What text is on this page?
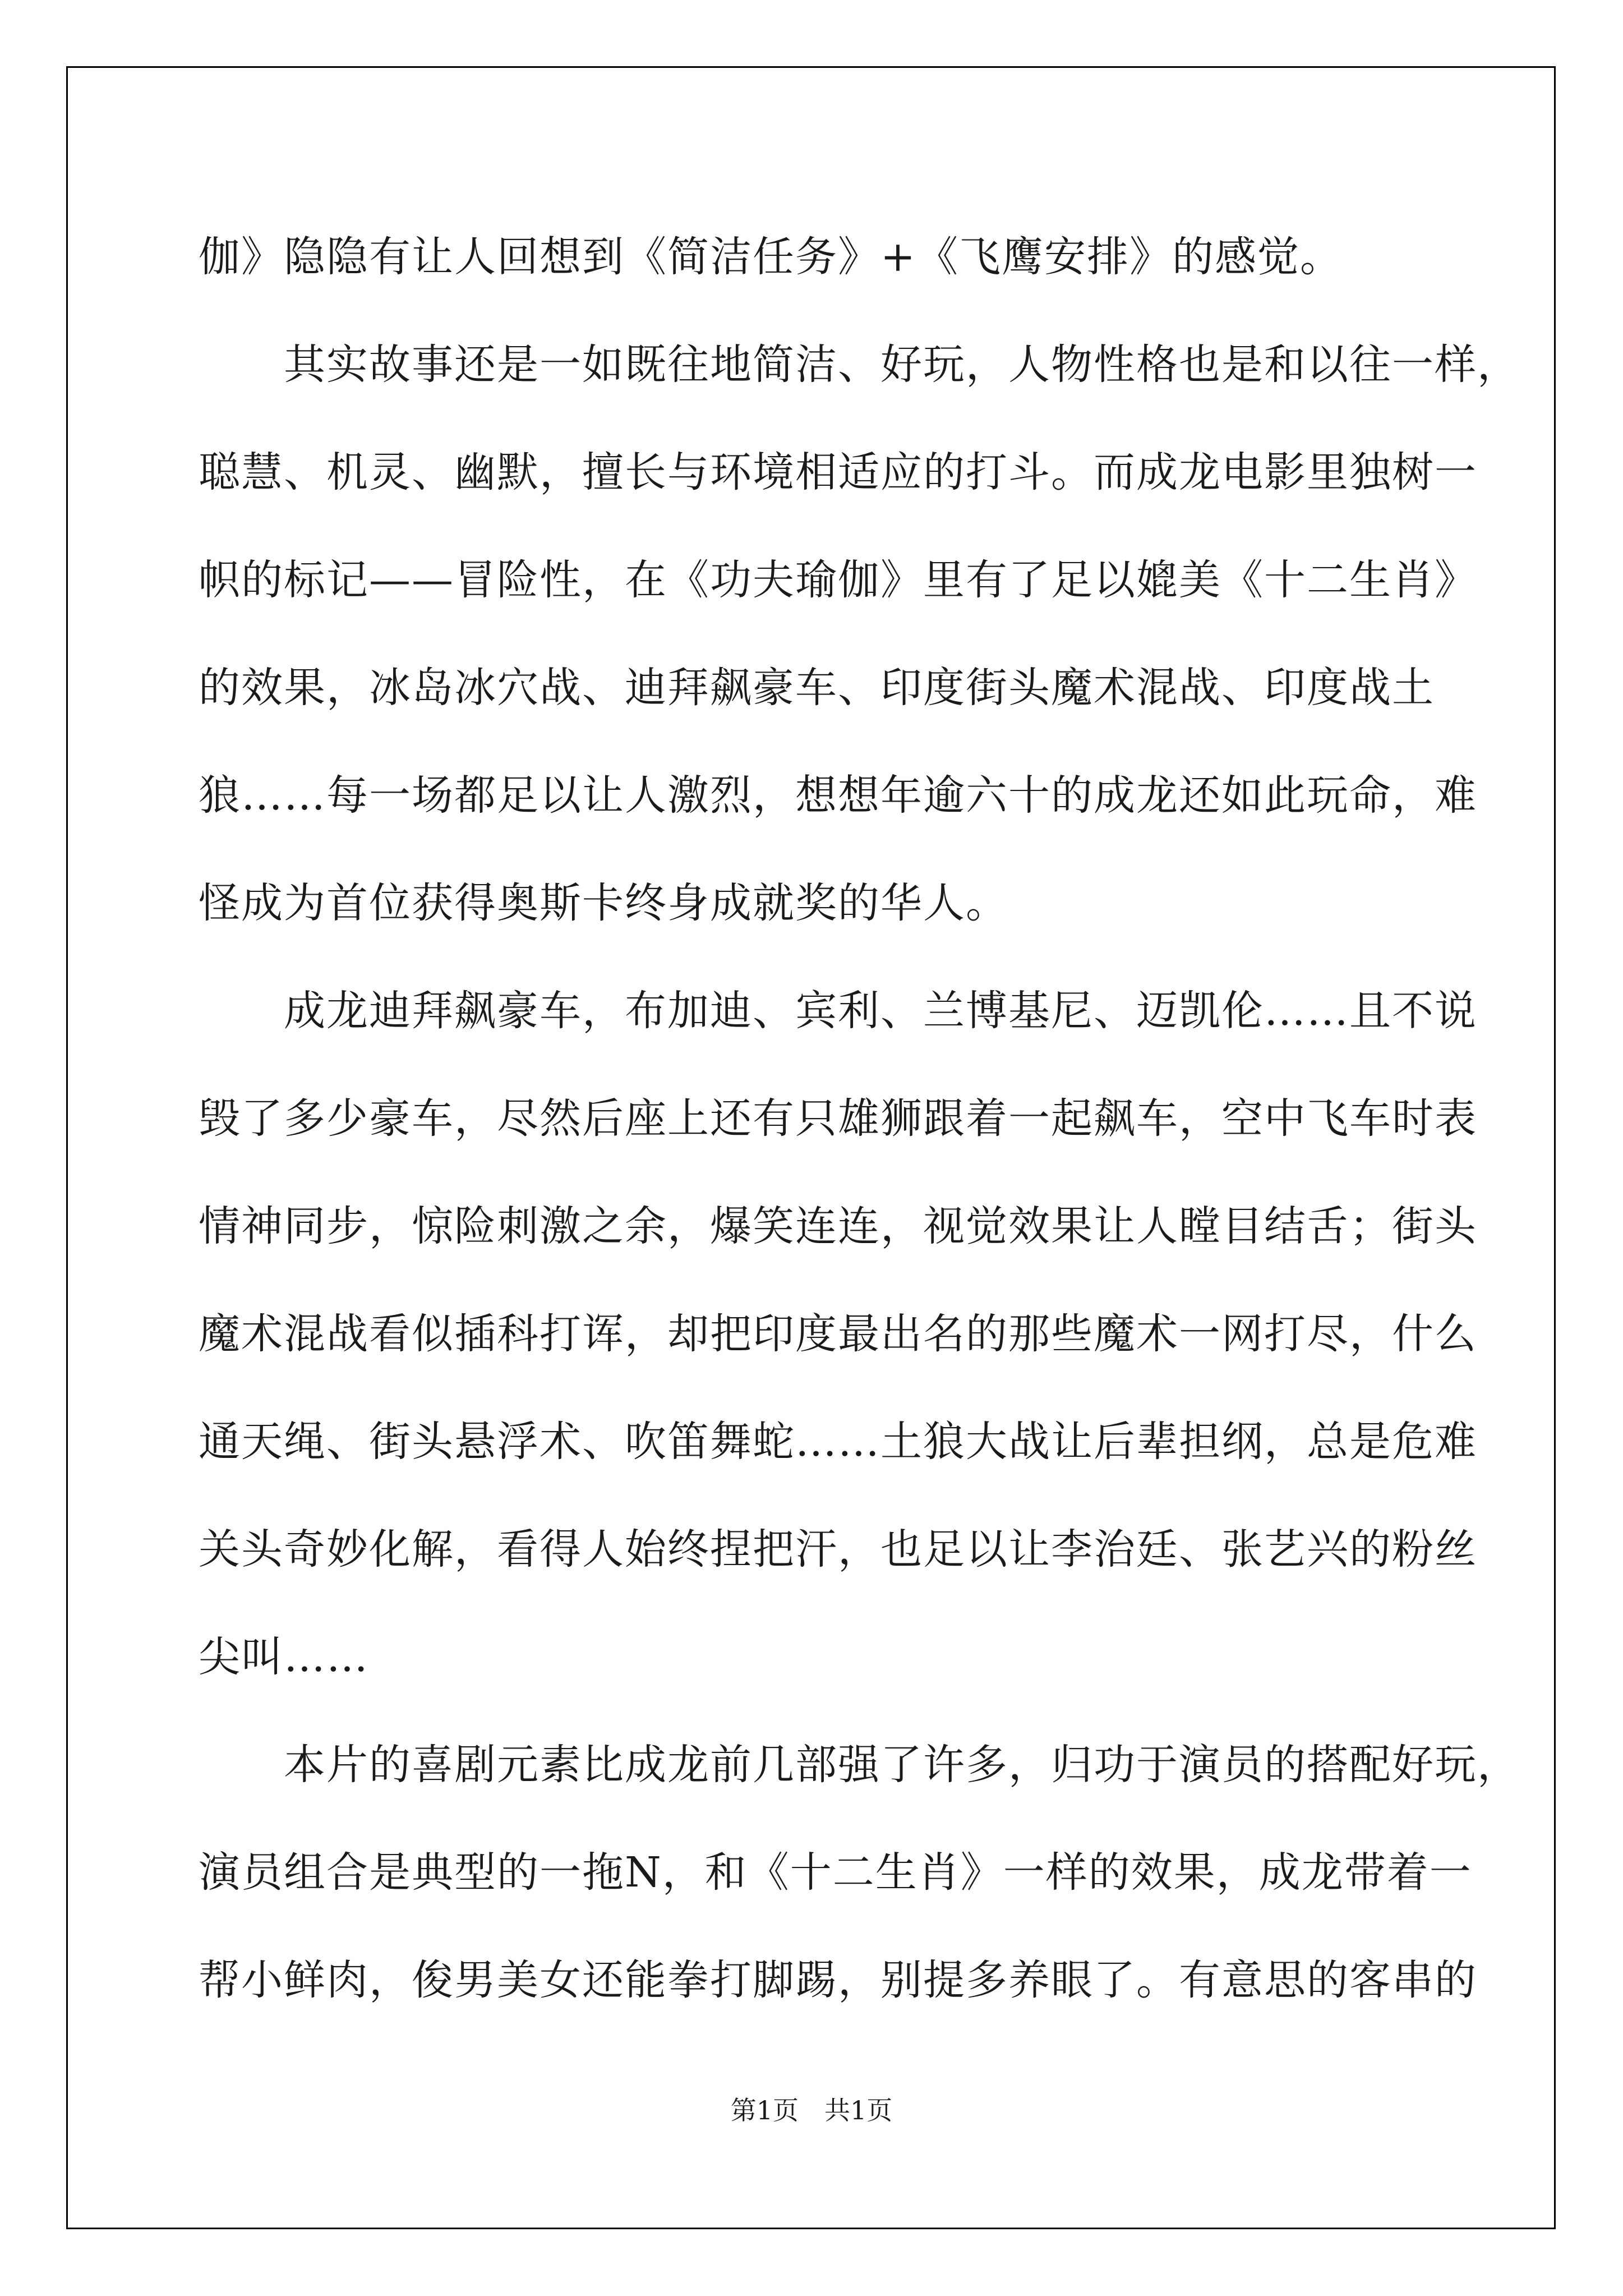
伽》隐隐有让人回想到《简洁任务》+《飞鹰安排》的感觉。
　　其实故事还是一如既往地简洁、好玩，人物性格也是和以往一样，
聪慧、机灵、幽默，擅长与环境相适应的打斗。而成龙电影里独树一
帜的标记——冒险性，在《功夫瑜伽》里有了足以媲美《十二生肖》
的效果，冰岛冰穴战、迪拜飙豪车、印度街头魔术混战、印度战土
狼……每一场都足以让人激烈，想想年逾六十的成龙还如此玩命，难
怪成为首位获得奥斯卡终身成就奖的华人。
　　成龙迪拜飙豪车，布加迪、宾利、兰博基尼、迈凯伦……且不说
毁了多少豪车，尽然后座上还有只雄狮跟着一起飙车，空中飞车时表
情神同步，惊险刺激之余，爆笑连连，视觉效果让人瞠目结舌；街头
魔术混战看似插科打诨，却把印度最出名的那些魔术一网打尽，什么
通天绳、街头悬浮术、吹笛舞蛇……土狼大战让后辈担纲，总是危难
关头奇妙化解，看得人始终捏把汗，也足以让李治廷、张艺兴的粉丝
尖叫……
　　本片的喜剧元素比成龙前几部强了许多，归功于演员的搭配好玩，
演员组合是典型的一拖N，和《十二生肖》一样的效果，成龙带着一
帮小鲜肉，俊男美女还能拳打脚踢，别提多养眼了。有意思的客串的
第1页　共1页
